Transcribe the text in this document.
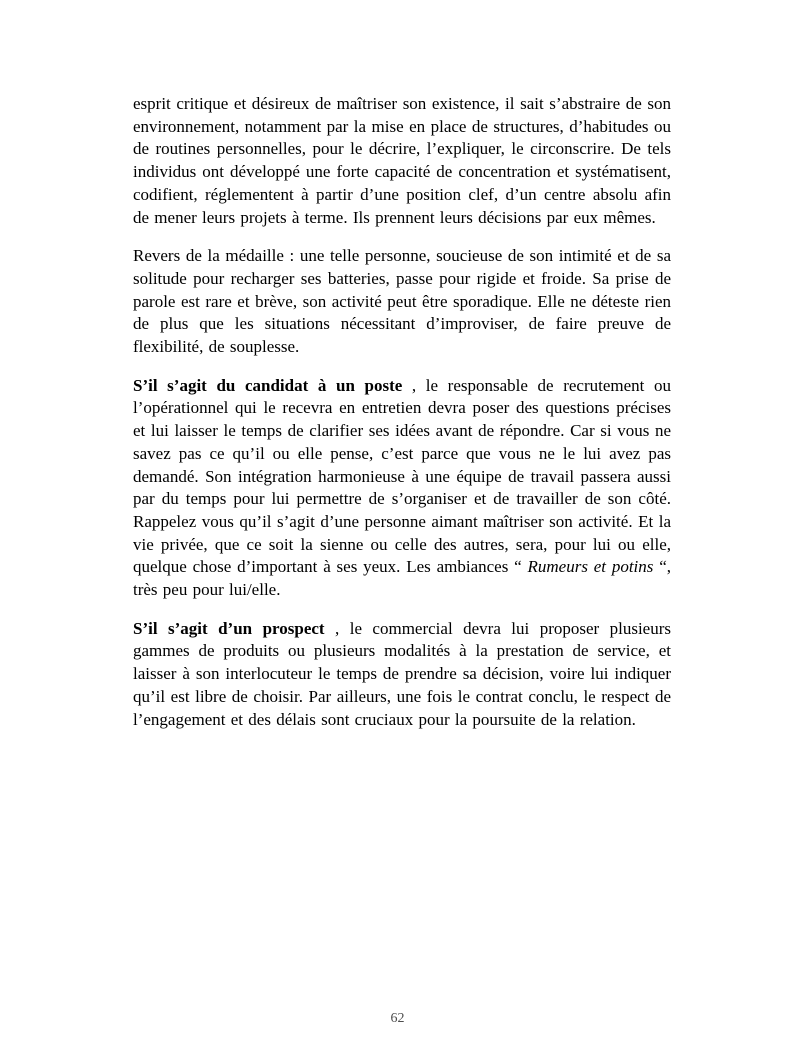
esprit critique et désireux de maîtriser son existence, il sait s’abstraire de son environnement, notamment par la mise en place de structures, d’habitudes ou de routines personnelles, pour le décrire, l’expliquer, le circonscrire. De tels individus ont développé une forte capacité de concentration et systématisent, codifient, réglementent à partir d’une position clef, d’un centre absolu afin de mener leurs projets à terme. Ils prennent leurs décisions par eux mêmes.

Revers de la médaille : une telle personne, soucieuse de son intimité et de sa solitude pour recharger ses batteries, passe pour rigide et froide. Sa prise de parole est rare et brève, son activité peut être sporadique. Elle ne déteste rien de plus que les situations nécessitant d’improviser, de faire preuve de flexibilité, de souplesse.

S’il s’agit du candidat à un poste , le responsable de recrutement ou l’opérationnel qui le recevra en entretien devra poser des questions précises et lui laisser le temps de clarifier ses idées avant de répondre. Car si vous ne savez pas ce qu’il ou elle pense, c’est parce que vous ne le lui avez pas demandé. Son intégration harmonieuse à une équipe de travail passera aussi par du temps pour lui permettre de s’organiser et de travailler de son côté. Rappelez vous qu’il s’agit d’une personne aimant maîtriser son activité. Et la vie privée, que ce soit la sienne ou celle des autres, sera, pour lui ou elle, quelque chose d’important à ses yeux. Les ambiances “ Rumeurs et potins “, très peu pour lui/elle.

S’il s’agit d’un prospect , le commercial devra lui proposer plusieurs gammes de produits ou plusieurs modalités à la prestation de service, et laisser à son interlocuteur le temps de prendre sa décision, voire lui indiquer qu’il est libre de choisir. Par ailleurs, une fois le contrat conclu, le respect de l’engagement et des délais sont cruciaux pour la poursuite de la relation.

62
